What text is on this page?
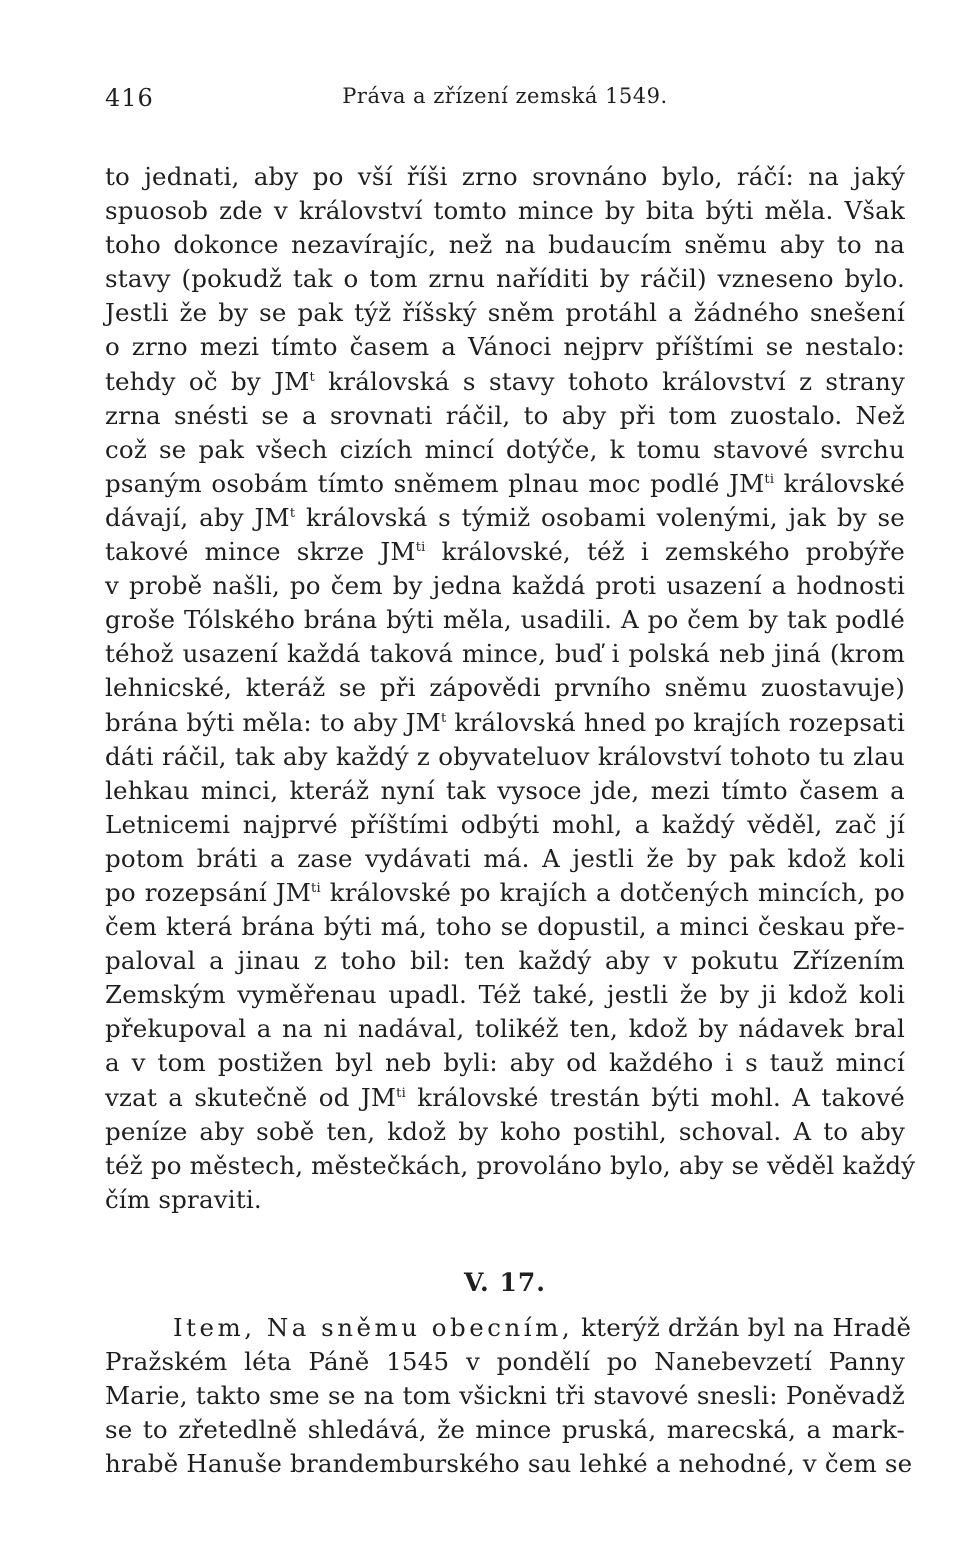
416	Práva a zřízení zemská 1549.
to jednati, aby po vší říši zrno srovnáno bylo, ráčí: na jaký
spuosob zde v království tomto mince by bita býti měla. Však
toho dokonce nezavírajíc, než na budaucím sněmu aby to na
stavy (pokudž tak o tom zrnu naříditi by ráčil) vzneseno bylo.
Jestli že by se pak týž říšský sněm protáhl a žádného snešení
o zrno mezi tímto časem a Vánoci nejprv příštími se nestalo:
tehdy oč by $JM^t$ královská s stavy tohoto království z strany
zrna snésti se a srovnati ráčil, to aby při tom zuostalo. Než
což se pak všech cizích mincí dotýče, k tomu stavové svrchu
psaným osobám tímto sněmem plnau moc podlé $JM^{ti}$ královské
dávají, aby $JM^t$ královská s týmiž osobami volenými, jak by se
takové mince skrze $JM^{ti}$ královské, též i zemského probýře
v probě našli, po čem by jedna každá proti usazení a hodnosti
groše Tólského brána býti měla, usadili. A po čem by tak podlé
téhož usazení každá taková mince, buď i polská neb jiná (krom
lehnicské, kteráž se při zápovědi prvního sněmu zuostavuje)
brána býti měla: to aby $JM^t$ královská hned po krajích rozepsati
dáti ráčil, tak aby každý z obyvateluov království tohoto tu zlau
lehkau minci, kteráž nyní tak vysoce jde, mezi tímto časem a
Letnicemi najprvé příštími odbýti mohl, a každý věděl, zač jí
potom bráti a zase vydávati má. A jestli že by pak kdož koli
po rozepsání $JM^{ti}$ královské po krajích a dotčených mincích, po
čem která brána býti má, toho se dopustil, a minci českau pře-
paloval a jinau z toho bil: ten každý aby v pokutu Zřízením
Zemským vyměřenau upadl. Též také, jestli že by ji kdož koli
překupoval a na ni nadával, tolikéž ten, kdož by nádavek bral
a v tom postižen byl neb byli: aby od každého i s tauž mincí
vzat a skutečně od $JM^{ti}$ královské trestán býti mohl. A takové
peníze aby sobě ten, kdož by koho postihl, schoval. A to aby
též po městech, městečkách, provoláno bylo, aby se věděl každý
čím spraviti.
V. 17.
Item, Na sněmu obecním, kterýž držán byl na Hradě
Pražském léta Páně 1545 v pondělí po Nanebevzetí Panny
Marie, takto sme se na tom všickni tři stavové snesli: Poněvadž
se to zřetedlně shledává, že mince pruská, marecská, a mark-
hrabě Hanuše brandemburského sau lehké a nehodné, v čem se
